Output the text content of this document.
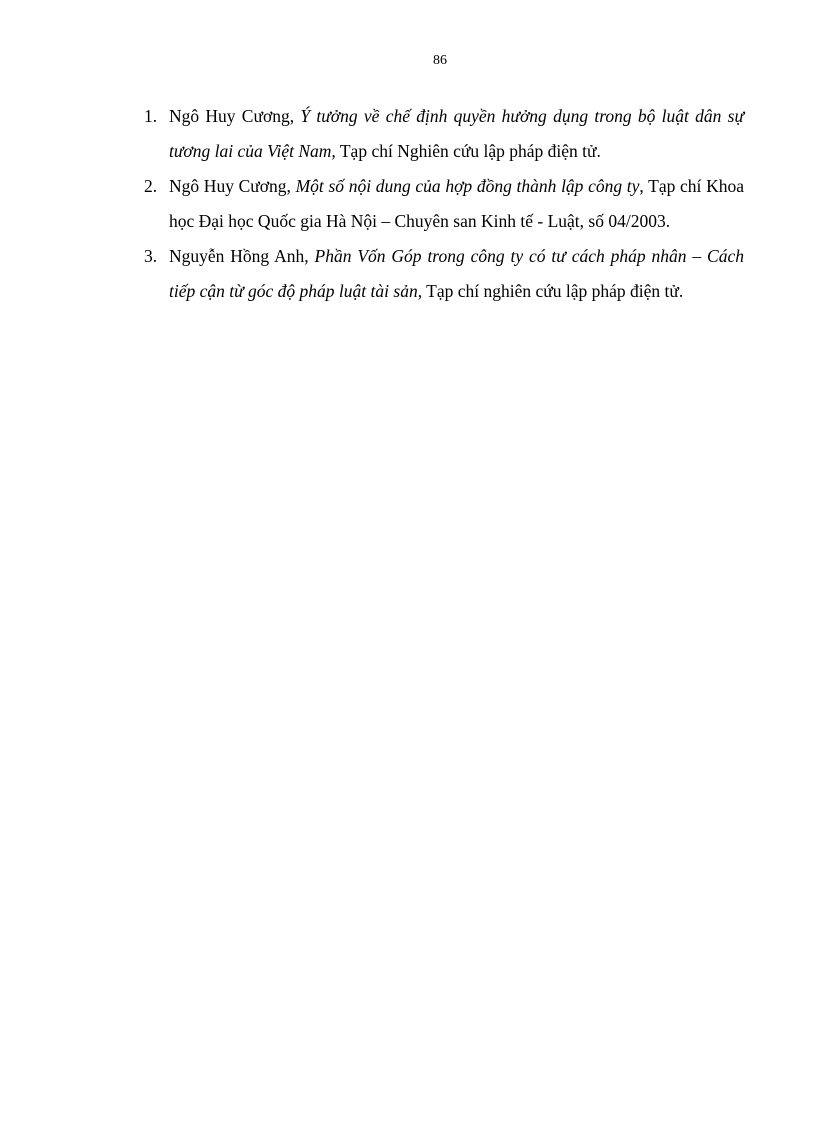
86
1. Ngô Huy Cương, Ý tưởng về chế định quyền hưởng dụng trong bộ luật dân sự tương lai của Việt Nam, Tạp chí Nghiên cứu lập pháp điện tử.
2. Ngô Huy Cương, Một số nội dung của hợp đồng thành lập công ty, Tạp chí Khoa học Đại học Quốc gia Hà Nội – Chuyên san Kinh tế - Luật, số 04/2003.
3. Nguyễn Hồng Anh, Phần Vốn Góp trong công ty có tư cách pháp nhân – Cách tiếp cận từ góc độ pháp luật tài sản, Tạp chí nghiên cứu lập pháp điện tử.
